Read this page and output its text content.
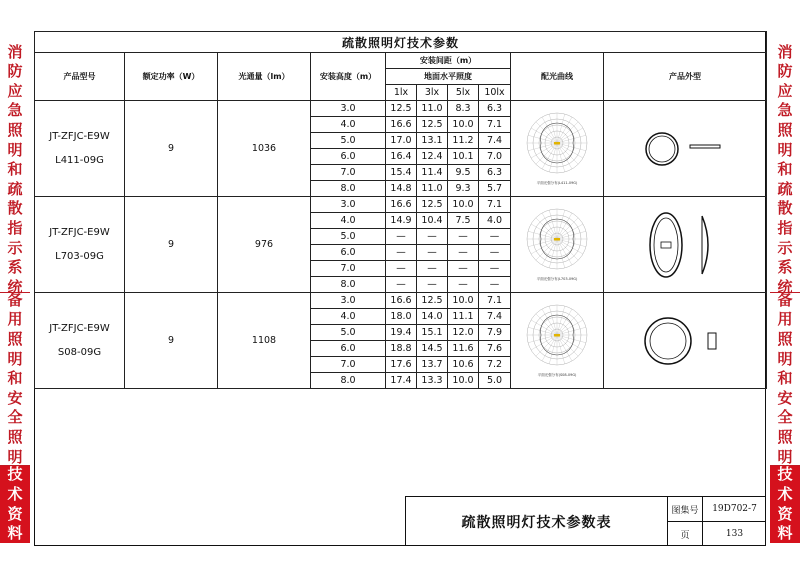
消
防
应
急
照
明
和
疏
散
指
示
系
统
备
用
照
明
和
安
全
照
明
技
术
资
料
消
防
应
急
照
明
和
疏
散
指
示
系
统
备
用
照
明
和
安
全
照
明
技
术
资
料
疏散照明灯技术参数									
产品型号	额定功率（W）	光通量（lm）	安装高度（m）	安装间距（m）				配光曲线	产品外型
				地面水平照度					
				1lx	3lx	5lx	10lx		

JT-ZFJC-E9W
L411-09G	9	1036	3.0	12.5	11.0	8.3	6.3	平面光强分布(L411-09G)

			4.0	16.6	12.5	10.0	7.1		
			5.0	17.0	13.1	11.2	7.4		
			6.0	16.4	12.4	10.1	7.0		
			7.0	15.4	11.4	9.5	6.3		
			8.0	14.8	11.0	9.3	5.7		

JT-ZFJC-E9W
L703-09G	9	976	3.0	16.6	12.5	10.0	7.1	平面光强分布(L703-09G)

			4.0	14.9	10.4	7.5	4.0		
			5.0	—	—	—	—		
			6.0	—	—	—	—		
			7.0	—	—	—	—		
			8.0	—	—	—	—		

JT-ZFJC-E9W
S08-09G	9	1108	3.0	16.6	12.5	10.0	7.1	平面光强分布(S08-09G)

			4.0	18.0	14.0	11.1	7.4		
			5.0	19.4	15.1	12.0	7.9		
			6.0	18.8	14.5	11.6	7.6		
			7.0	17.6	13.7	10.6	7.2		
			8.0	17.4	13.3	10.0	5.0		
疏散照明灯技术参数表
图集号	19D702-7
页	133
